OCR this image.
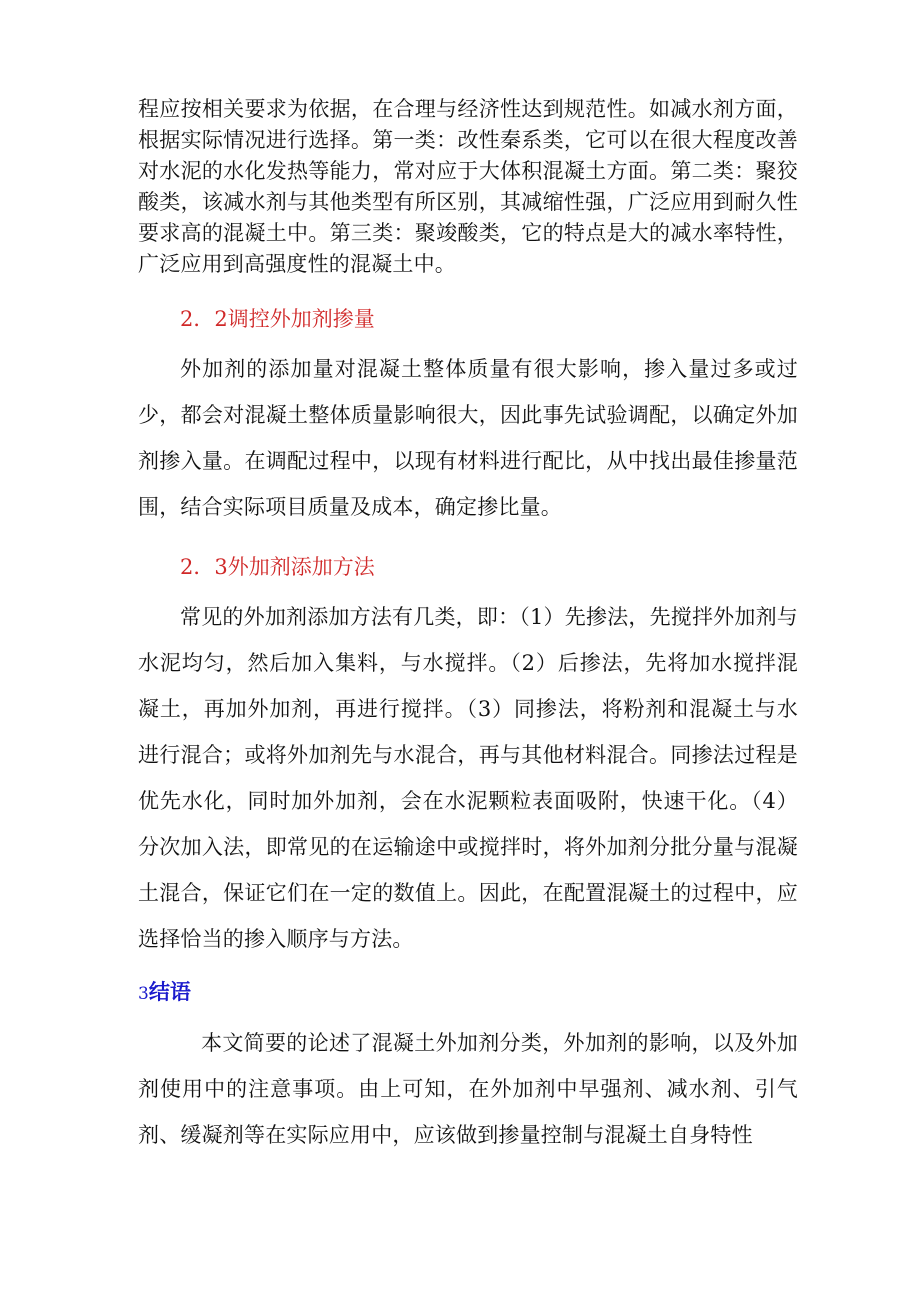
程应按相关要求为依据，在合理与经济性达到规范性。如减水剂方面，根据实际情况进行选择。第一类：改性秦系类，它可以在很大程度改善对水泥的水化发热等能力，常对应于大体积混凝土方面。第二类：聚狡酸类，该减水剂与其他类型有所区别，其减缩性强，广泛应用到耐久性要求高的混凝土中。第三类：聚竣酸类，它的特点是大的减水率特性，广泛应用到高强度性的混凝土中。

2．2调控外加剂掺量

外加剂的添加量对混凝土整体质量有很大影响，掺入量过多或过少，都会对混凝土整体质量影响很大，因此事先试验调配，以确定外加剂掺入量。在调配过程中，以现有材料进行配比，从中找出最佳掺量范围，结合实际项目质量及成本，确定掺比量。

2．3外加剂添加方法

常见的外加剂添加方法有几类，即：（1）先掺法，先搅拌外加剂与水泥均匀，然后加入集料，与水搅拌。（2）后掺法，先将加水搅拌混凝土，再加外加剂，再进行搅拌。（3）同掺法，将粉剂和混凝土与水进行混合；或将外加剂先与水混合，再与其他材料混合。同掺法过程是优先水化，同时加外加剂，会在水泥颗粒表面吸附，快速干化。（4）分次加入法，即常见的在运输途中或搅拌时，将外加剂分批分量与混凝土混合，保证它们在一定的数值上。因此，在配置混凝土的过程中，应选择恰当的掺入顺序与方法。

3结语

本文简要的论述了混凝土外加剂分类，外加剂的影响，以及外加剂使用中的注意事项。由上可知，在外加剂中早强剂、减水剂、引气剂、缓凝剂等在实际应用中，应该做到掺量控制与混凝土自身特性
